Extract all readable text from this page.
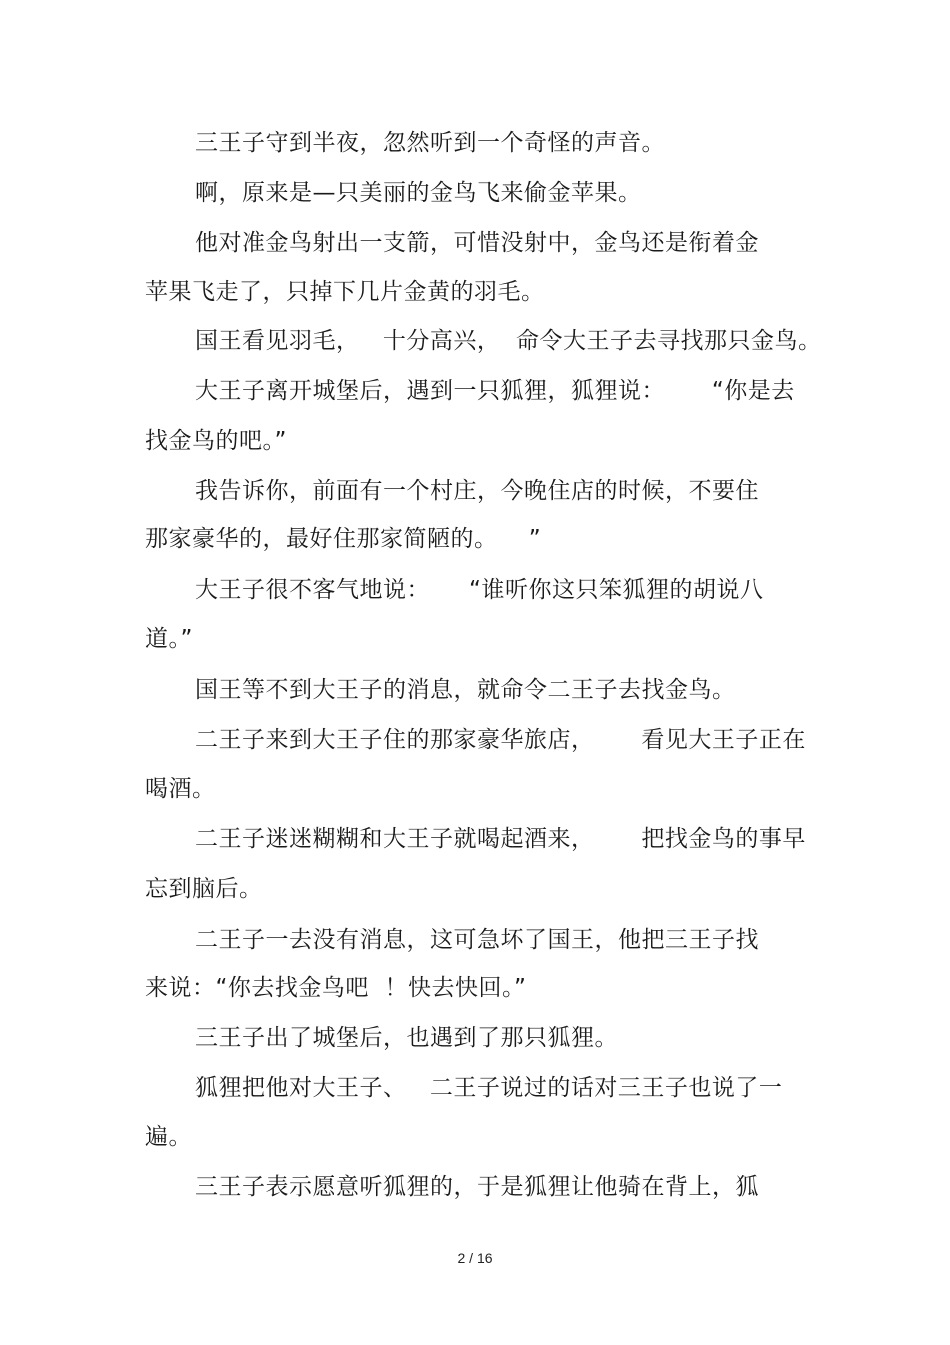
三王子守到半夜，忽然听到一个奇怪的声音。
啊，原来是—只美丽的金鸟飞来偷金苹果。
他对准金鸟射出一支箭，可惜没射中，金鸟还是衔着金
苹果飞走了，只掉下几片金黄的羽毛。
国王看见羽毛，   十分高兴，  命令大王子去寻找那只金鸟。
大王子离开城堡后，遇到一只狐狸，狐狸说：      “你是去
找金鸟的吧。”
我告诉你，前面有一个村庄，今晚住店的时候，不要住
那家豪华的，最好住那家简陋的。    ”
大王子很不客气地说：     “谁听你这只笨狐狸的胡说八
道。”
国王等不到大王子的消息，就命令二王子去找金鸟。
二王子来到大王子住的那家豪华旅店，      看见大王子正在
喝酒。
二王子迷迷糊糊和大王子就喝起酒来，      把找金鸟的事早
忘到脑后。
二王子一去没有消息，这可急坏了国王，他把三王子找
来说：“你去找金鸟吧  ！快去快回。”
三王子出了城堡后，也遇到了那只狐狸。
狐狸把他对大王子、   二王子说过的话对三王子也说了一
遍。
三王子表示愿意听狐狸的，于是狐狸让他骑在背上，狐
2 / 16
